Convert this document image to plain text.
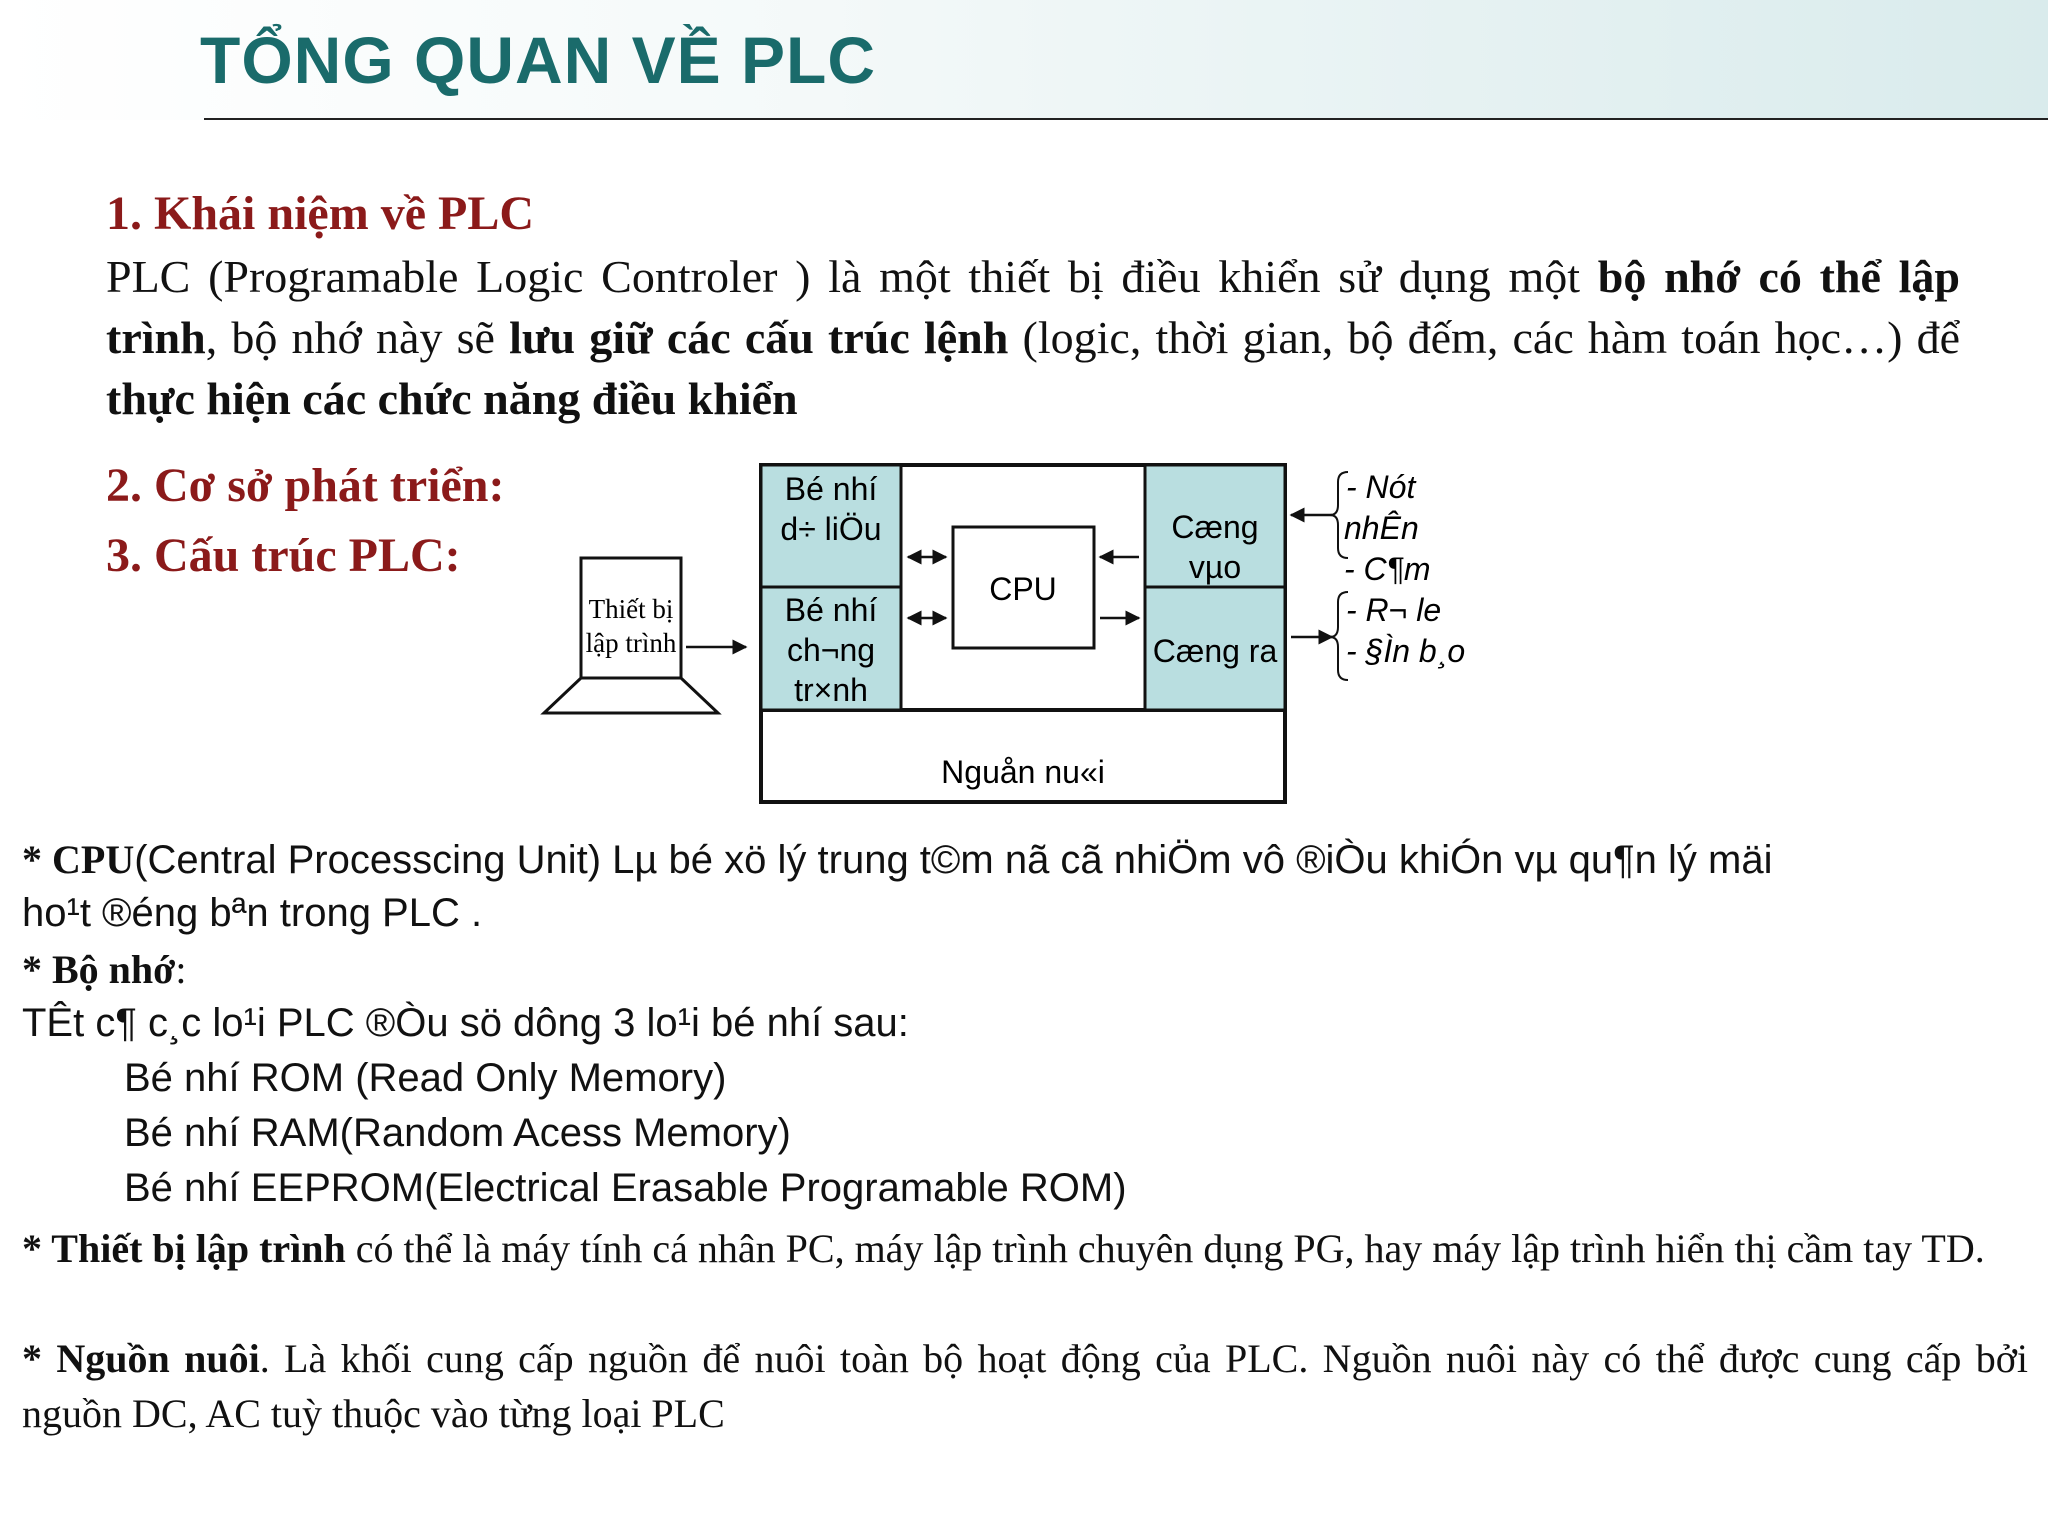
TỔNG QUAN VỀ PLC
1. Khái niệm về PLC
PLC (Programable Logic Controler ) là một thiết bị điều khiển sử dụng một bộ nhớ có thể lập trình, bộ nhớ này sẽ lưu giữ các cấu trúc lệnh (logic, thời gian, bộ đếm, các hàm toán học…) để thực hiện các chức năng điều khiển
2. Cơ sở phát triển:
3. Cấu trúc PLC:
Thiết bị
lập trình
Bé nhí
d÷ liÖu
Bé nhí
ch¬ng
tr×nh
CPU
Cæng
vµo
Cæng ra
Nguån nu«i
- Nót
nhÊn
- C¶m
- R¬ le
- §Ìn b¸o
* CPU(Central Processcing Unit) Lµ bé xö lý trung t©m nã cã nhiÖm vô ®iÒu khiÓn vµ qu¶n lý mäi
ho¹t ®éng bªn trong PLC .
* Bộ nhớ:
TÊt c¶ c¸c lo¹i PLC ®Òu sö dông 3 lo¹i bé nhí sau:
Bé nhí ROM (Read Only Memory)
Bé nhí RAM(Random Acess Memory)
Bé nhí EEPROM(Electrical Erasable Programable ROM)
* Thiết bị lập trình có thể là máy tính cá nhân PC, máy lập trình chuyên dụng PG, hay máy lập trình hiển thị cầm tay TD.
* Nguồn nuôi. Là khối cung cấp nguồn để nuôi toàn bộ hoạt động của PLC. Nguồn nuôi này có thể được cung cấp bởi nguồn DC, AC tuỳ thuộc vào từng loại PLC
